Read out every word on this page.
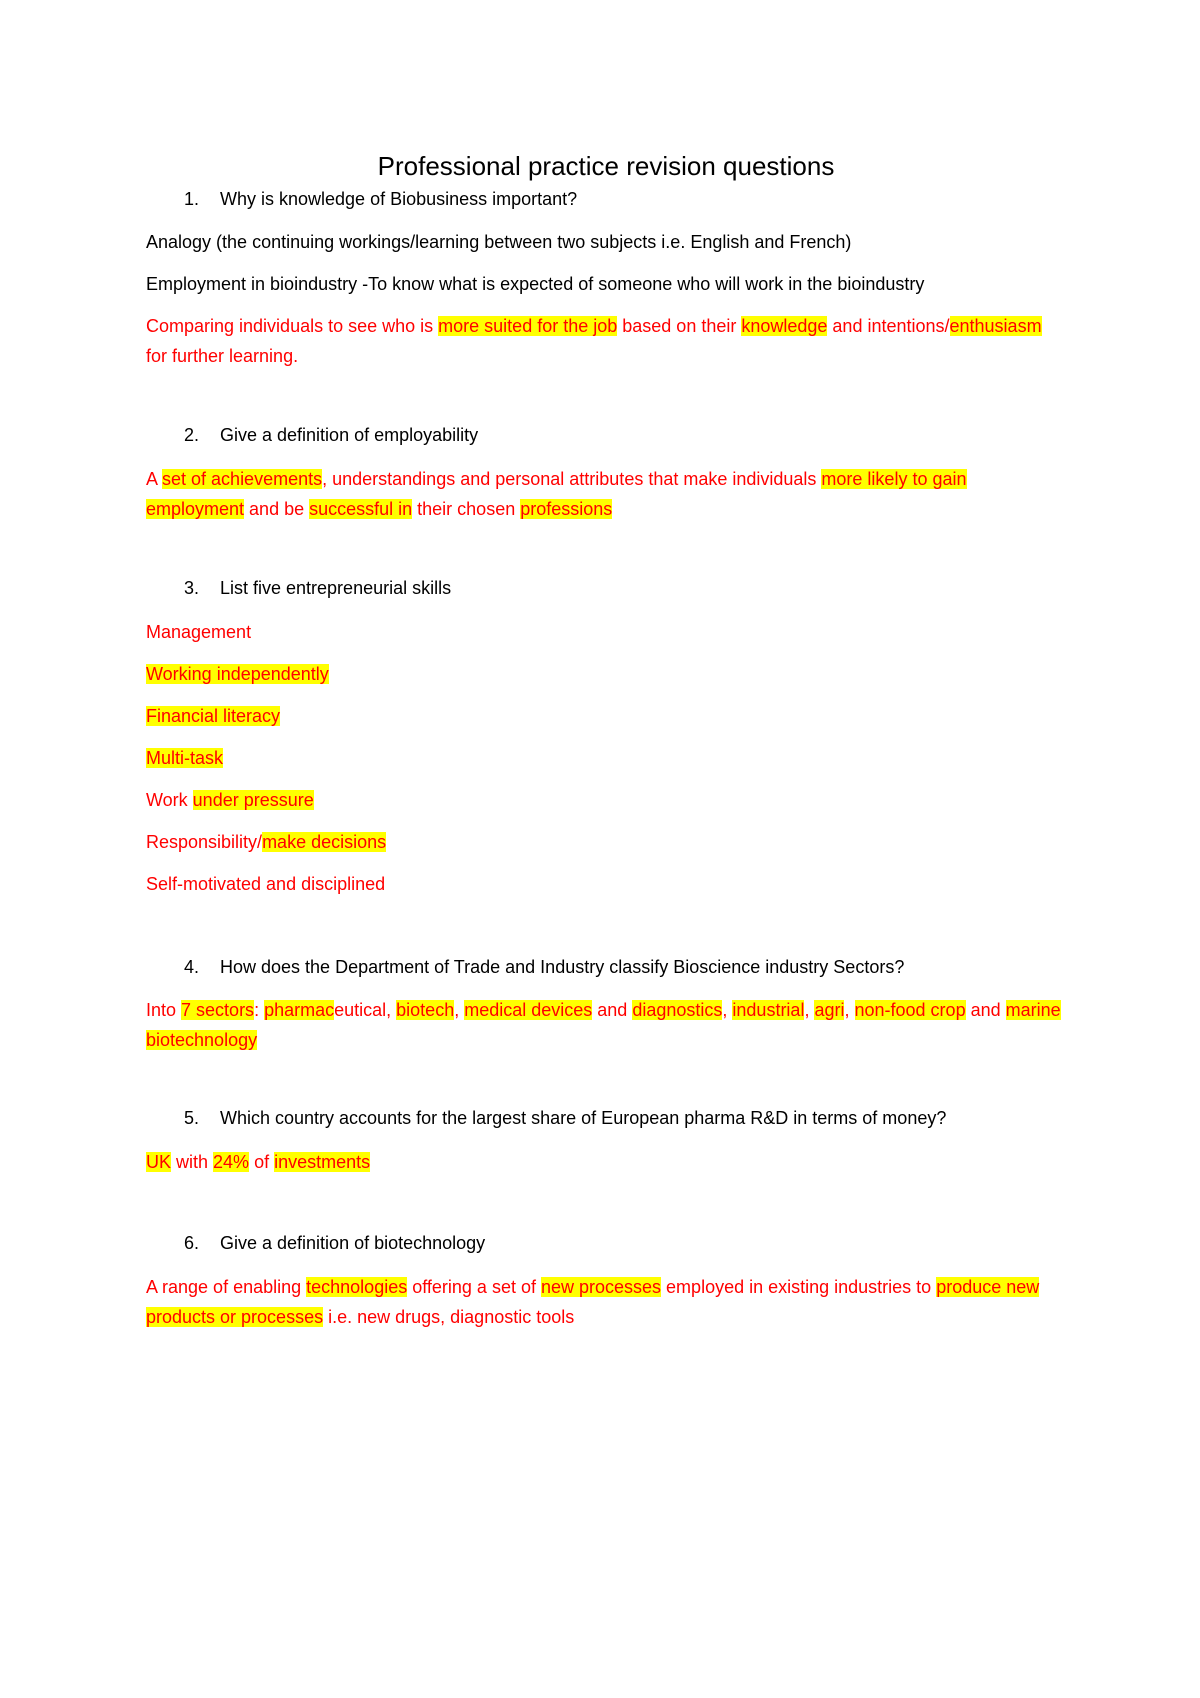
Professional practice revision questions
1. Why is knowledge of Biobusiness important?
Analogy (the continuing workings/learning between two subjects i.e. English and French)
Employment in bioindustry -To know what is expected of someone who will work in the bioindustry
Comparing individuals to see who is more suited for the job based on their knowledge and intentions/enthusiasm for further learning.
2. Give a definition of employability
A set of achievements, understandings and personal attributes that make individuals more likely to gain employment and be successful in their chosen professions
3. List five entrepreneurial skills
Management
Working independently
Financial literacy
Multi-task
Work under pressure
Responsibility/make decisions
Self-motivated and disciplined
4. How does the Department of Trade and Industry classify Bioscience industry Sectors?
Into 7 sectors: pharmaceutical, biotech, medical devices and diagnostics, industrial, agri, non-food crop and marine biotechnology
5. Which country accounts for the largest share of European pharma R&D in terms of money?
UK with 24% of investments
6. Give a definition of biotechnology
A range of enabling technologies offering a set of new processes employed in existing industries to produce new products or processes i.e. new drugs, diagnostic tools
